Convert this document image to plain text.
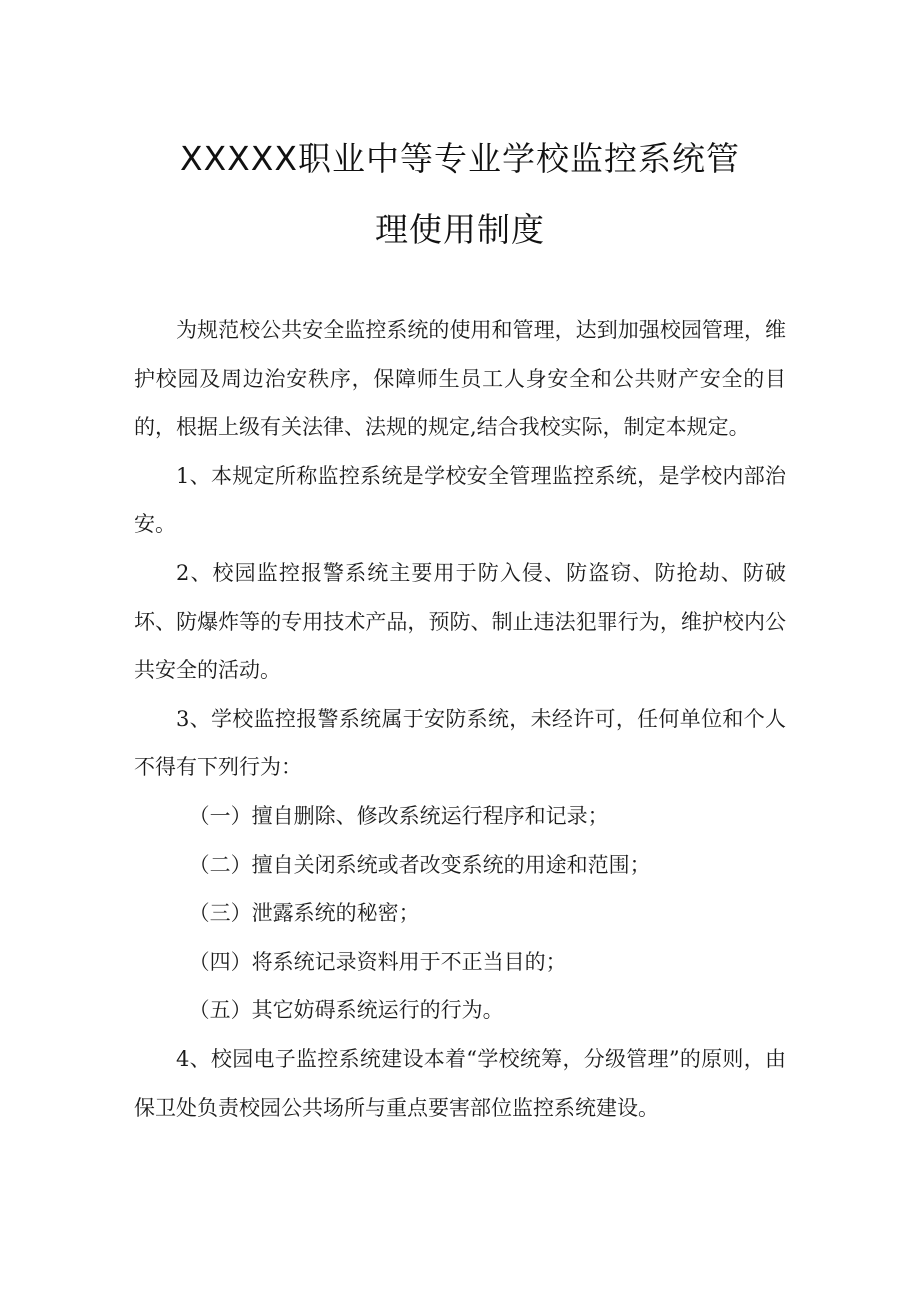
XXXXX职业中等专业学校监控系统管
理使用制度

为规范校公共安全监控系统的使用和管理，达到加强校园管理，维护校园及周边治安秩序，保障师生员工人身安全和公共财产安全的目的，根据上级有关法律、法规的规定,结合我校实际，制定本规定。

1、本规定所称监控系统是学校安全管理监控系统，是学校内部治安。

2、校园监控报警系统主要用于防入侵、防盗窃、防抢劫、防破坏、防爆炸等的专用技术产品，预防、制止违法犯罪行为，维护校内公共安全的活动。

3、学校监控报警系统属于安防系统，未经许可，任何单位和个人不得有下列行为：

（一）擅自删除、修改系统运行程序和记录；

（二）擅自关闭系统或者改变系统的用途和范围；

（三）泄露系统的秘密；

（四）将系统记录资料用于不正当目的；

（五）其它妨碍系统运行的行为。

4、校园电子监控系统建设本着“学校统筹，分级管理”的原则，由保卫处负责校园公共场所与重点要害部位监控系统建设。
